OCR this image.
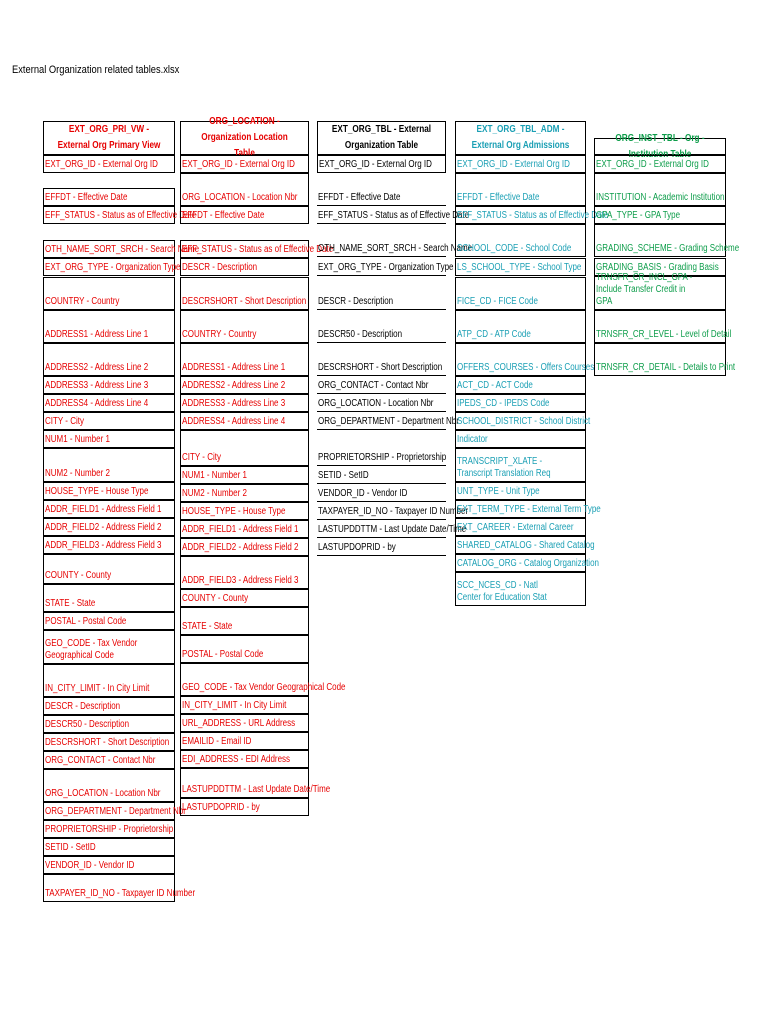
External Organization related tables.xlsx
EXT_ORG_PRI_VW - External Org Primary View
EXT_ORG_ID - External Org ID
EFFDT - Effective Date
EFF_STATUS - Status as of Effective Date
OTH_NAME_SORT_SRCH - Search Name
EXT_ORG_TYPE - Organization Type
COUNTRY - Country
ADDRESS1 - Address Line 1
ADDRESS2 - Address Line 2
ADDRESS3 - Address Line 3
ADDRESS4 - Address Line 4
CITY - City
NUM1 - Number 1
NUM2 - Number 2
HOUSE_TYPE - House Type
ADDR_FIELD1 - Address Field 1
ADDR_FIELD2 - Address Field 2
ADDR_FIELD3 - Address Field 3
COUNTY - County
STATE - State
POSTAL - Postal Code
GEO_CODE - Tax Vendor Geographical Code
IN_CITY_LIMIT - In City Limit
DESCR - Description
DESCR50 - Description
DESCRSHORT - Short Description
ORG_CONTACT - Contact Nbr
ORG_LOCATION - Location Nbr
ORG_DEPARTMENT - Department Nbr
PROPRIETORSHIP - Proprietorship
SETID - SetID
VENDOR_ID - Vendor ID
TAXPAYER_ID_NO - Taxpayer ID Number
ORG_LOCATION - Organization Location Table
EXT_ORG_ID - External Org ID
ORG_LOCATION - Location Nbr
EFFDT - Effective Date
EFF_STATUS - Status as of Effective Date
DESCR - Description
DESCRSHORT - Short Description
COUNTRY - Country
ADDRESS1 - Address Line 1
ADDRESS2 - Address Line 2
ADDRESS3 - Address Line 3
ADDRESS4 - Address Line 4
CITY - City
NUM1 - Number 1
NUM2 - Number 2
HOUSE_TYPE - House Type
ADDR_FIELD1 - Address Field 1
ADDR_FIELD2 - Address Field 2
ADDR_FIELD3 - Address Field 3
COUNTY - County
STATE - State
POSTAL - Postal Code
GEO_CODE - Tax Vendor Geographical Code
IN_CITY_LIMIT - In City Limit
URL_ADDRESS - URL Address
EMAILID - Email ID
EDI_ADDRESS - EDI Address
LASTUPDDTTM - Last Update Date/Time
LASTUPDOPRID - by
EXT_ORG_TBL - External Organization Table
EXT_ORG_ID - External Org ID
EFFDT - Effective Date
EFF_STATUS - Status as of Effective Date
OTH_NAME_SORT_SRCH - Search Name
EXT_ORG_TYPE - Organization Type
DESCR - Description
DESCR50 - Description
DESCRSHORT - Short Description
ORG_CONTACT - Contact Nbr
ORG_LOCATION - Location Nbr
ORG_DEPARTMENT - Department Nbr
PROPRIETORSHIP - Proprietorship
SETID - SetID
VENDOR_ID - Vendor ID
TAXPAYER_ID_NO - Taxpayer ID Number
LASTUPDDTTM - Last Update Date/Time
LASTUPDOPRID - by
EXT_ORG_TBL_ADM - External Org Admissions
EXT_ORG_ID - External Org ID
EFFDT - Effective Date
EFF_STATUS - Status as of Effective Date
SCHOOL_CODE - School Code
LS_SCHOOL_TYPE - School Type
FICE_CD - FICE Code
ATP_CD - ATP Code
OFFERS_COURSES - Offers Courses
ACT_CD - ACT Code
IPEDS_CD - IPEDS Code
SCHOOL_DISTRICT - School District
Indicator
TRANSCRIPT_XLATE - Transcript Translation Req
UNT_TYPE - Unit Type
EXT_TERM_TYPE - External Term Type
EXT_CAREER - External Career
SHARED_CATALOG - Shared Catalog
CATALOG_ORG - Catalog Organization
SCC_NCES_CD - Natl Center for Education Stat
ORG_INST_TBL - Org - Institution Table
EXT_ORG_ID - External Org ID
INSTITUTION - Academic Institution
GPA_TYPE - GPA Type
GRADING_SCHEME - Grading Scheme
GRADING_BASIS - Grading Basis
TRNSFR_CR_INCL_GPA - Include Transfer Credit in GPA
TRNSFR_CR_LEVEL - Level of Detail
TRNSFR_CR_DETAIL - Details to Print
